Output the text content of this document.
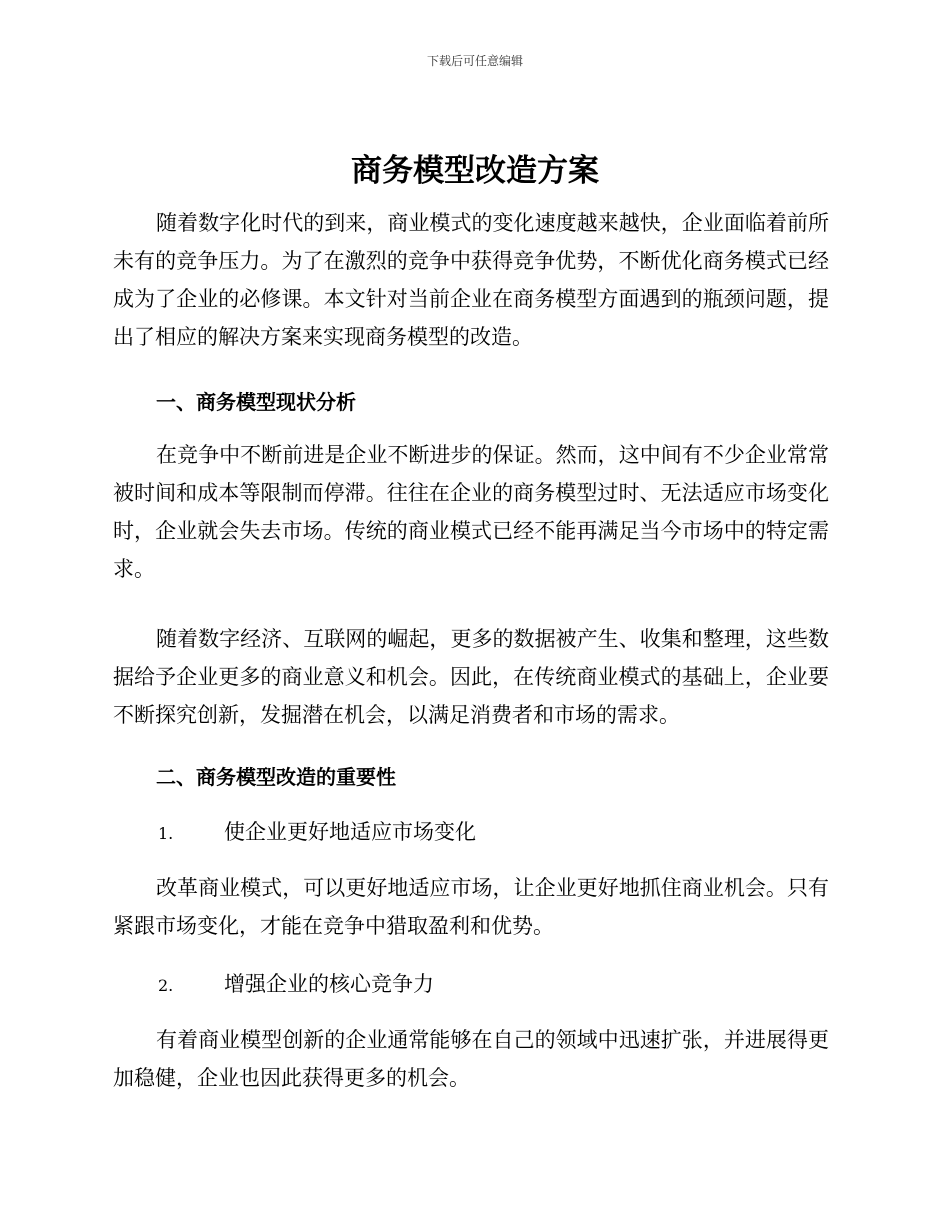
下载后可任意编辑
商务模型改造方案

随着数字化时代的到来，商业模式的变化速度越来越快，企业面临着前所未有的竞争压力。为了在激烈的竞争中获得竞争优势，不断优化商务模式已经成为了企业的必修课。本文针对当前企业在商务模型方面遇到的瓶颈问题，提出了相应的解决方案来实现商务模型的改造。

一、商务模型现状分析

在竞争中不断前进是企业不断进步的保证。然而，这中间有不少企业常常被时间和成本等限制而停滞。往往在企业的商务模型过时、无法适应市场变化时，企业就会失去市场。传统的商业模式已经不能再满足当今市场中的特定需求。

随着数字经济、互联网的崛起，更多的数据被产生、收集和整理，这些数据给予企业更多的商业意义和机会。因此，在传统商业模式的基础上，企业要不断探究创新，发掘潜在机会，以满足消费者和市场的需求。

二、商务模型改造的重要性
1. 使企业更好地适应市场变化

改革商业模式，可以更好地适应市场，让企业更好地抓住商业机会。只有紧跟市场变化，才能在竞争中猎取盈利和优势。

2. 增强企业的核心竞争力

有着商业模型创新的企业通常能够在自己的领域中迅速扩张，并进展得更加稳健，企业也因此获得更多的机会。
